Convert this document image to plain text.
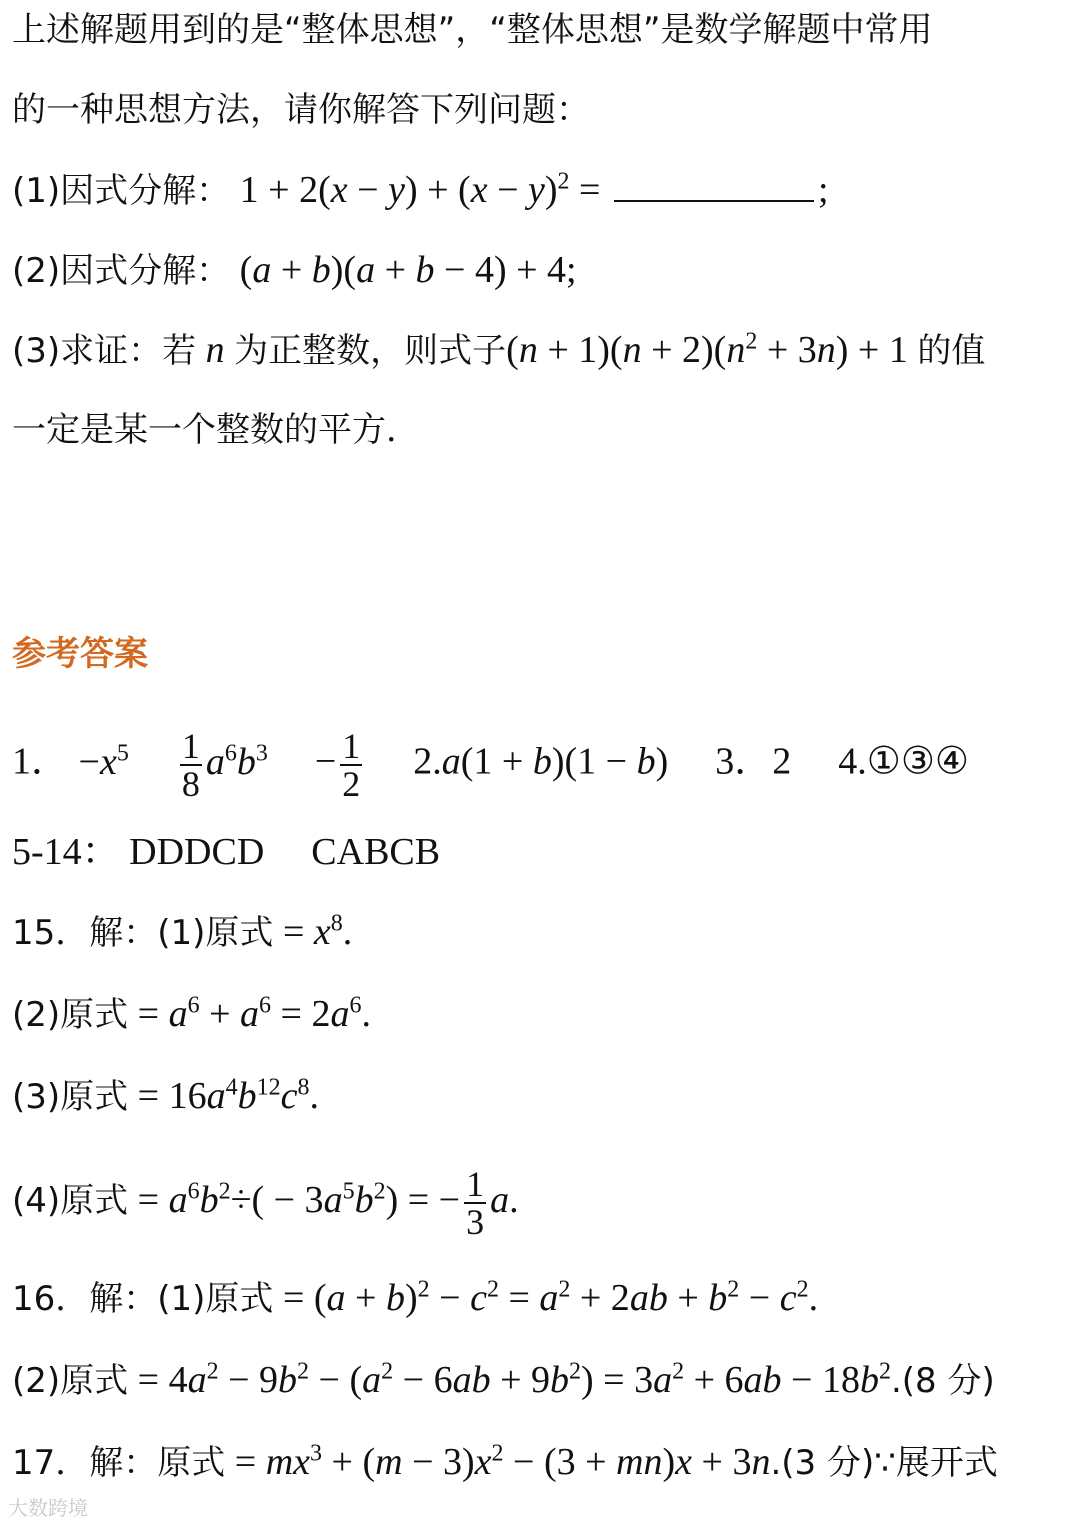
上述解题用到的是“整体思想”，“整体思想”是数学解题中常用
的一种思想方法，请你解答下列问题：
(1)因式分解： $1 + 2(x - y) + (x - y)^2$ =	;
(2)因式分解： (a + b)(a + b − 4) + 4;
(3)求证：若 n 为正整数，则式子$(n + 1)(n + 2)(n^2 + 3n) + 1$ 的值
一定是某一个整数的平方．
参考答案
1． $-x^5 \frac{1}{8} a^6b^3 - \frac{1}{2} 2.a(1 + b)(1 - b)$ 3．2 4.①③④
5-14： DDDCD CABCB
15．解：(1)原式 = $x^8$.
(2)原式 = $a^6 + a^6 = 2a^6$.
(3)原式 = $16a^4b^{12}c^8$.
(4)原式 = $a^6b^2\div( - 3a^5b^2)$ = − $\frac{1}{3} a$.
16．解：(1)原式 = $(a + b)^2 - c^2 = a^2 + 2ab + b^2 - c^2$.
(2)原式 = $4a^2 - 9b^2 - (a^2 - 6ab + 9b^2) = 3a^2 + 6ab - 18b^2.(8$ 分)
17．解：原式 = $mx^3 + (m - 3)x^2 - (3 + mn)x + 3n.(3$ 分)∵展开式
大数跨境
